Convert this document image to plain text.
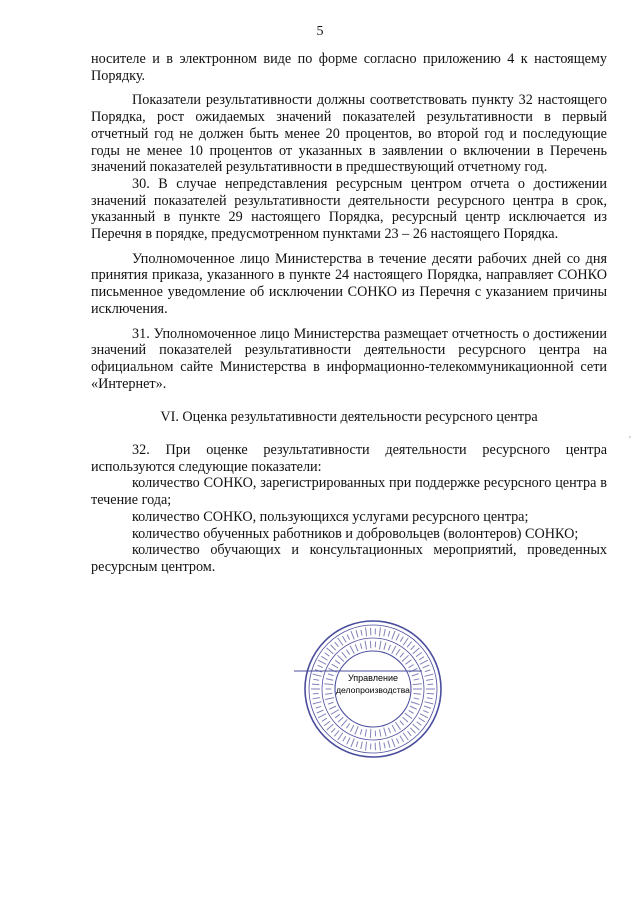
5

носителе и в электронном виде по форме согласно приложению 4 к настоящему Порядку.

Показатели результативности должны соответствовать пункту 32 настоящего Порядка, рост ожидаемых значений показателей результативности в первый отчетный год не должен быть менее 20 процентов, во второй год и последующие годы не менее 10 процентов от указанных в заявлении о включении в Перечень значений показателей результативности в предшествующий отчетному год.

30. В случае непредставления ресурсным центром отчета о достижении значений показателей результативности деятельности ресурсного центра в срок, указанный в пункте 29 настоящего Порядка, ресурсный центр исключается из Перечня в порядке, предусмотренном пунктами 23 – 26 настоящего Порядка.

Уполномоченное лицо Министерства в течение десяти рабочих дней со дня принятия приказа, указанного в пункте 24 настоящего Порядка, направляет СОНКО письменное уведомление об исключении СОНКО из Перечня с указанием причины исключения.

31. Уполномоченное лицо Министерства размещает отчетность о достижении значений показателей результативности деятельности ресурсного центра на официальном сайте Министерства в информационно-телекоммуникационной сети «Интернет».

VI. Оценка результативности деятельности ресурсного центра

32. При оценке результативности деятельности ресурсного центра используются следующие показатели:

количество СОНКО, зарегистрированных при поддержке ресурсного центра в течение года;

количество СОНКО, пользующихся услугами ресурсного центра;

количество обученных работников и добровольцев (волонтеров) СОНКО;

количество обучающих и консультационных мероприятий, проведенных ресурсным центром.

'
Управление
делопроизводства
